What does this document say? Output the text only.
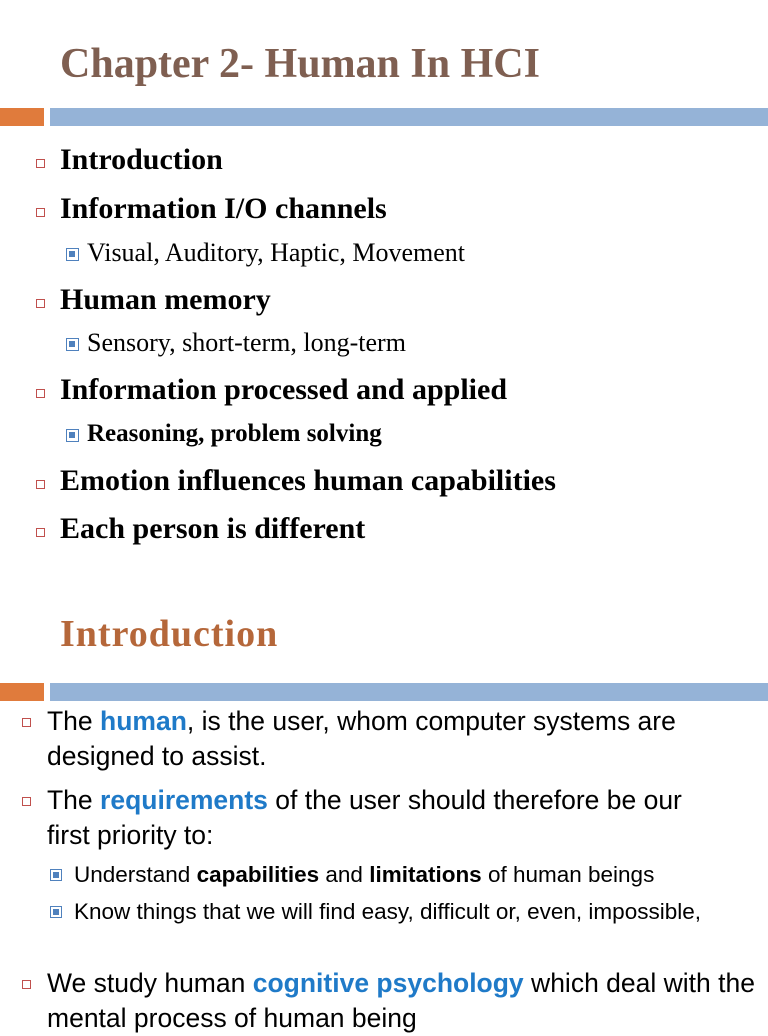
Chapter 2- Human In HCI
Introduction
Information I/O channels
Visual, Auditory, Haptic, Movement
Human memory
Sensory, short-term, long-term
Information processed and applied
Reasoning, problem solving
Emotion influences human capabilities
Each person is different
Introduction
The human, is the user, whom computer systems are designed to assist.
The requirements of the user should therefore be our first priority to:
Understand capabilities and limitations of human beings
Know things that we will find easy, difficult or, even, impossible,
We study human cognitive psychology which deal with the mental process of human being
